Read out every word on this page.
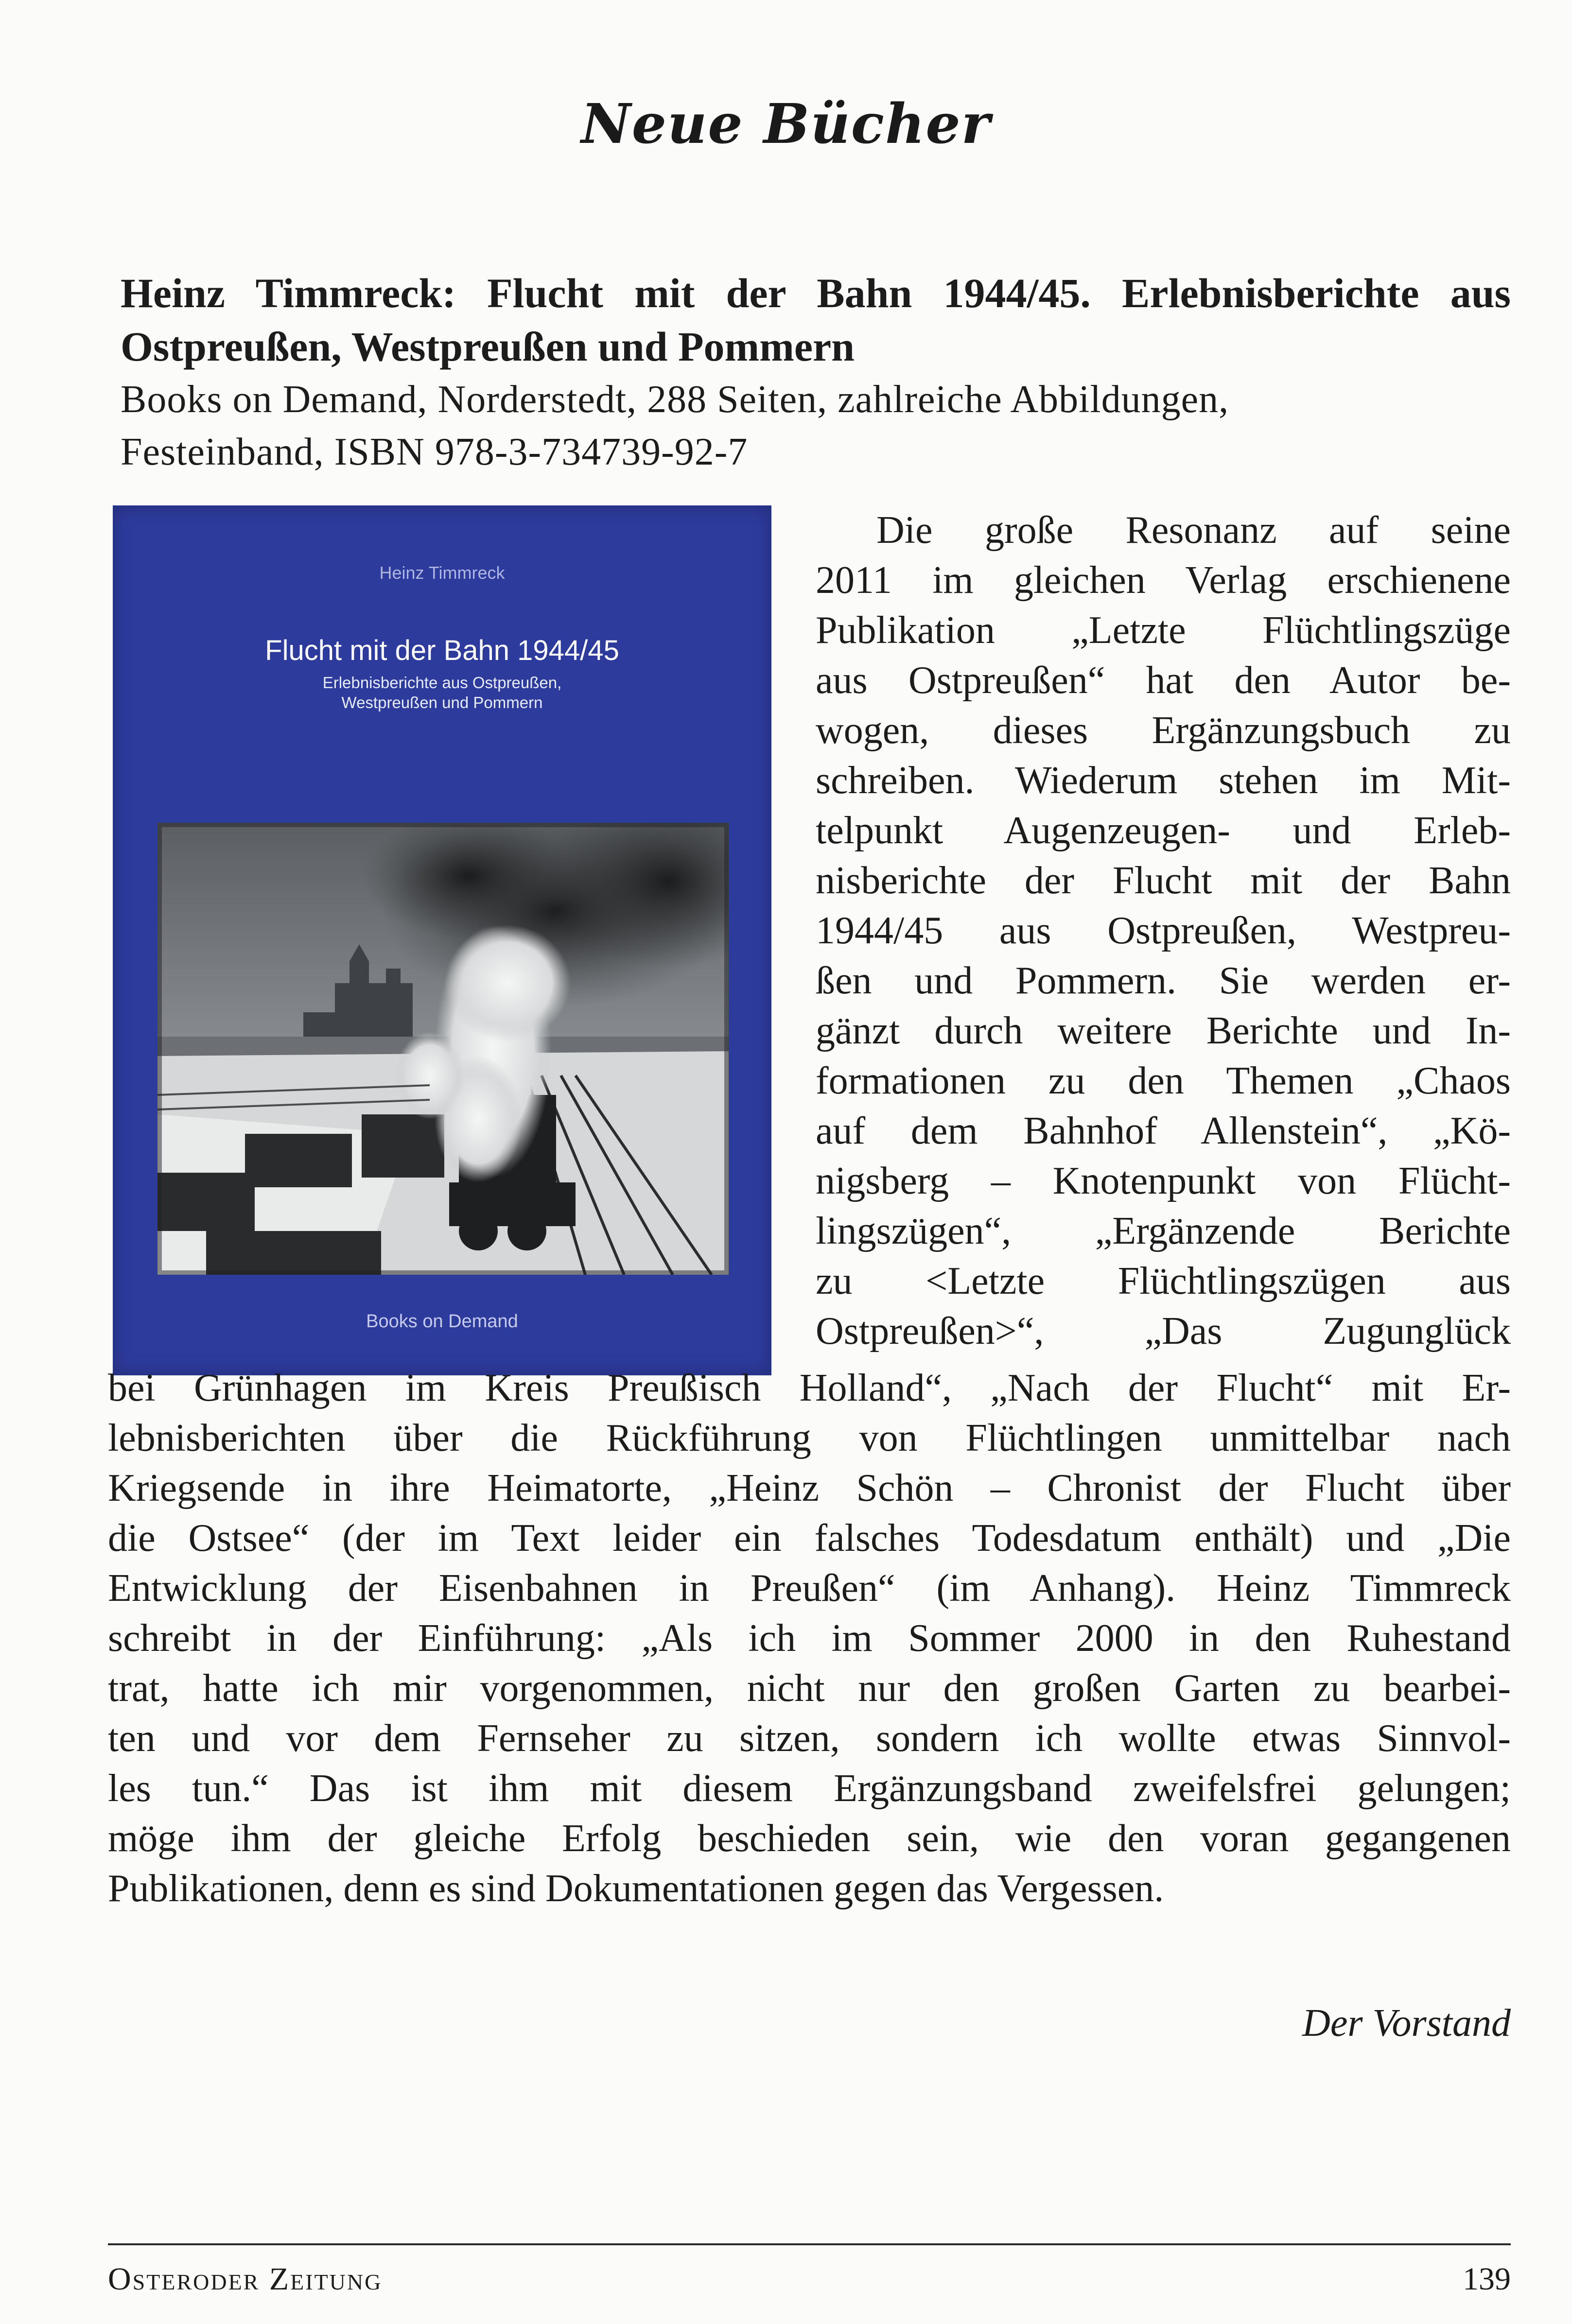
Neue Bücher
Heinz Timmreck: Flucht mit der Bahn 1944/45. Erlebnisberichte aus Ostpreußen, Westpreußen und Pommern
Books on Demand, Norderstedt, 288 Seiten, zahlreiche Abbildungen,
Festeinband, ISBN 978-3-734739-92-7
Heinz Timmreck
Flucht mit der Bahn 1944/45
Erlebnisberichte aus Ostpreußen,
Westpreußen und Pommern
Books on Demand
Die große Resonanz auf seine
2011 im gleichen Verlag erschienene
Publikation „Letzte Flüchtlingszüge
aus Ostpreußen“ hat den Autor be-
wogen, dieses Ergänzungsbuch zu
schreiben. Wiederum stehen im Mit-
telpunkt Augenzeugen- und Erleb-
nisberichte der Flucht mit der Bahn
1944/45 aus Ostpreußen, Westpreu-
ßen und Pommern. Sie werden er-
gänzt durch weitere Berichte und In-
formationen zu den Themen „Chaos
auf dem Bahnhof Allenstein“, „Kö-
nigsberg – Knotenpunkt von Flücht-
lingszügen“, „Ergänzende Berichte
zu <Letzte Flüchtlingszügen aus
Ostpreußen>“, „Das Zugunglück
bei Grünhagen im Kreis Preußisch Holland“, „Nach der Flucht“ mit Er-
lebnisberichten über die Rückführung von Flüchtlingen unmittelbar nach
Kriegsende in ihre Heimatorte, „Heinz Schön – Chronist der Flucht über
die Ostsee“ (der im Text leider ein falsches Todesdatum enthält) und „Die
Entwicklung der Eisenbahnen in Preußen“ (im Anhang). Heinz Timmreck
schreibt in der Einführung: „Als ich im Sommer 2000 in den Ruhestand
trat, hatte ich mir vorgenommen, nicht nur den großen Garten zu bearbei-
ten und vor dem Fernseher zu sitzen, sondern ich wollte etwas Sinnvol-
les tun.“ Das ist ihm mit diesem Ergänzungsband zweifelsfrei gelungen;
möge ihm der gleiche Erfolg beschieden sein, wie den voran gegangenen
Publikationen, denn es sind Dokumentationen gegen das Vergessen.
Der Vorstand
Osteroder Zeitung	139
